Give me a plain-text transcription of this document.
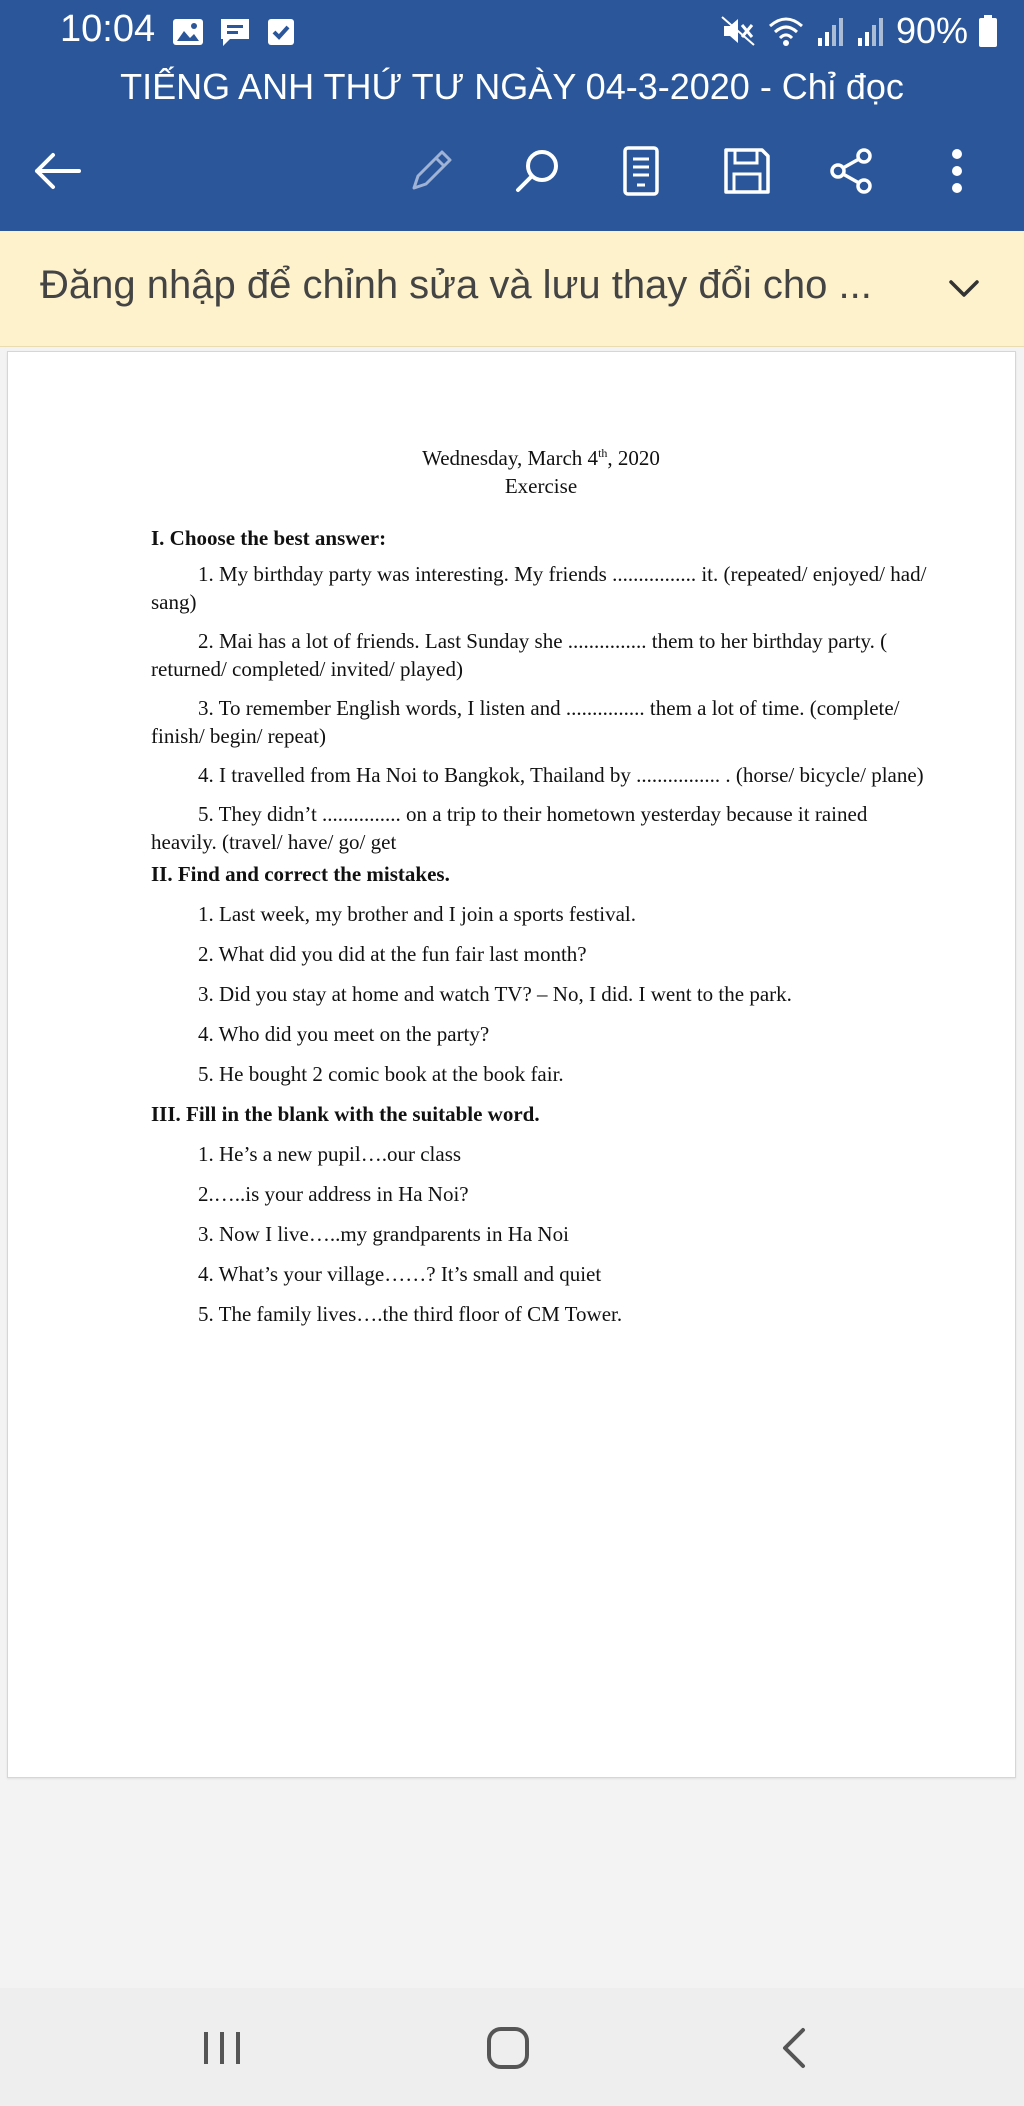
10:04	90%
TIẾNG ANH THỨ TƯ NGÀY 04-3-2020 - Chỉ đọc
Đăng nhập để chỉnh sửa và lưu thay đổi cho ...
Wednesday, March 4th, 2020
Exercise
I. Choose the best answer:
1. My birthday party was interesting. My friends ................ it. (repeated/ enjoyed/ had/ sang)
2. Mai has a lot of friends. Last Sunday she ............... them to her birthday party. ( returned/ completed/ invited/ played)
3. To remember English words, I listen and ............... them a lot of time. (complete/ finish/ begin/ repeat)
4. I travelled from Ha Noi to Bangkok, Thailand by ................ . (horse/ bicycle/ plane)
5. They didn’t ............... on a trip to their hometown yesterday because it rained heavily. (travel/ have/ go/ get
II. Find and correct the mistakes.
1. Last week, my brother and I join a sports festival.
2. What did you did at the fun fair last month?
3. Did you stay at home and watch TV? – No, I did. I went to the park.
4. Who did you meet on the party?
5. He bought 2 comic book at the book fair.
III. Fill in the blank with the suitable word.
1. He’s a new pupil….our class
2.…..is your address in Ha Noi?
3. Now I live…..my grandparents in Ha Noi
4. What’s your village……? It’s small and quiet
5. The family lives….the third floor of CM Tower.
